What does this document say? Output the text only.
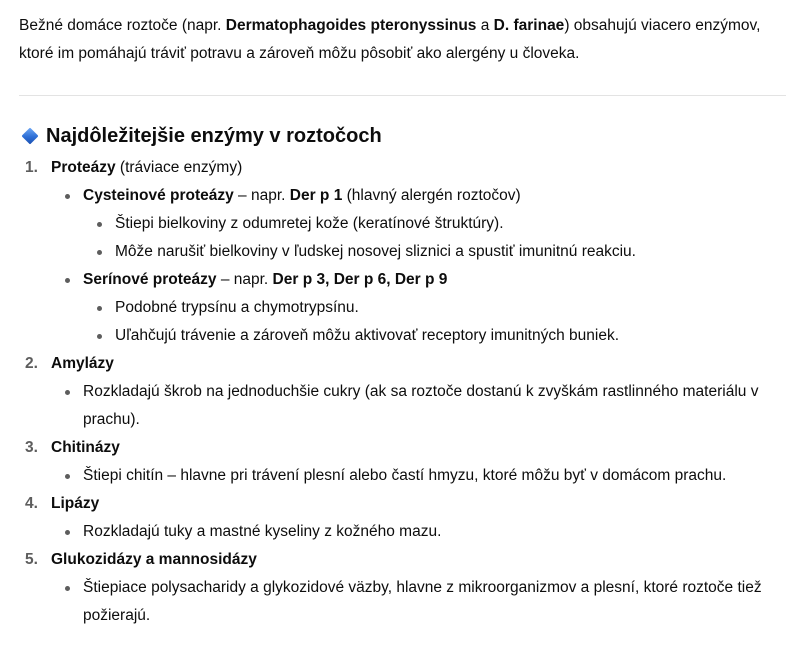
Bežné domáce roztoče (napr. Dermatophagoides pteronyssinus a D. farinae) obsahujú viacero enzýmov, ktoré im pomáhajú tráviť potravu a zároveň môžu pôsobiť ako alergény u človeka.

Najdôležitejšie enzýmy v roztočoch
1. Proteázy (tráviace enzýmy)
Cysteinové proteázy – napr. Der p 1 (hlavný alergén roztočov)
Štiepi bielkoviny z odumretej kože (keratínové štruktúry).
Môže narušiť bielkoviny v ľudskej nosovej sliznici a spustiť imunitnú reakciu.
Serínové proteázy – napr. Der p 3, Der p 6, Der p 9
Podobné trypsínu a chymotrypsínu.
Uľahčujú trávenie a zároveň môžu aktivovať receptory imunitných buniek.
2. Amylázy
Rozkladajú škrob na jednoduchšie cukry (ak sa roztoče dostanú k zvyškám rastlinného materiálu v prachu).
3. Chitinázy
Štiepi chitín – hlavne pri trávení plesní alebo častí hmyzu, ktoré môžu byť v domácom prachu.
4. Lipázy
Rozkladajú tuky a mastné kyseliny z kožného mazu.
5. Glukozidázy a mannosidázy
Štiepiace polysacharidy a glykozidové väzby, hlavne z mikroorganizmov a plesní, ktoré roztoče tiež požierajú.
